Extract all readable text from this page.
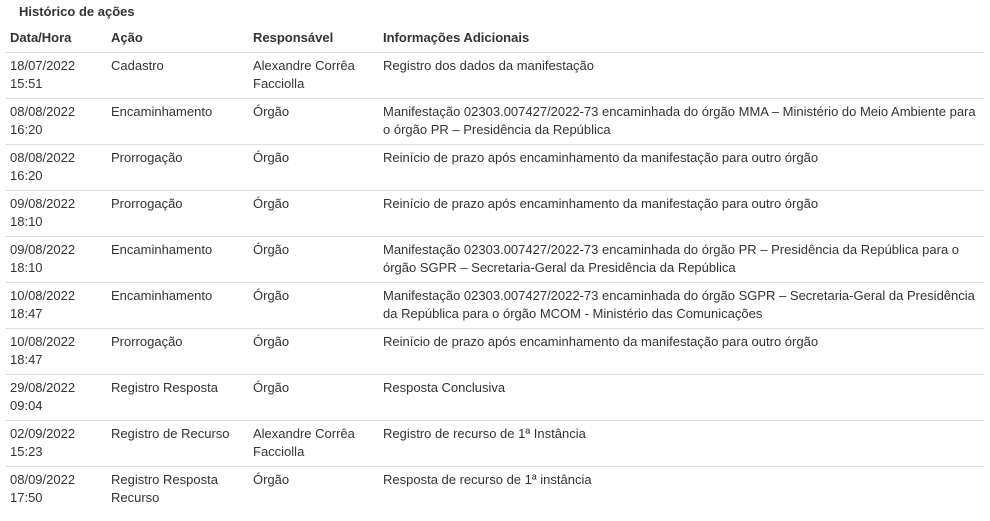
Histórico de ações
Data/Hora	Ação	Responsável	Informações Adicionais

18/07/2022
15:51	Cadastro	Alexandre Corrêa Facciolla	Registro dos dados da manifestação

08/08/2022
16:20	Encaminhamento	Órgão	Manifestação 02303.007427/2022-73 encaminhada do órgão MMA – Ministério do Meio Ambiente para o órgão PR – Presidência da República

08/08/2022
16:20	Prorrogação	Órgão	Reinício de prazo após encaminhamento da manifestação para outro órgão

09/08/2022
18:10	Prorrogação	Órgão	Reinício de prazo após encaminhamento da manifestação para outro órgão

09/08/2022
18:10	Encaminhamento	Órgão	Manifestação 02303.007427/2022-73 encaminhada do órgão PR – Presidência da República para o órgão SGPR – Secretaria-Geral da Presidência da República

10/08/2022
18:47	Encaminhamento	Órgão	Manifestação 02303.007427/2022-73 encaminhada do órgão SGPR – Secretaria-Geral da Presidência da República para o órgão MCOM - Ministério das Comunicações

10/08/2022
18:47	Prorrogação	Órgão	Reinício de prazo após encaminhamento da manifestação para outro órgão

29/08/2022
09:04	Registro Resposta	Órgão	Resposta Conclusiva

02/09/2022
15:23	Registro de Recurso	Alexandre Corrêa Facciolla	Registro de recurso de 1ª Instância

08/09/2022
17:50	Registro Resposta Recurso	Órgão	Resposta de recurso de 1ª instância
